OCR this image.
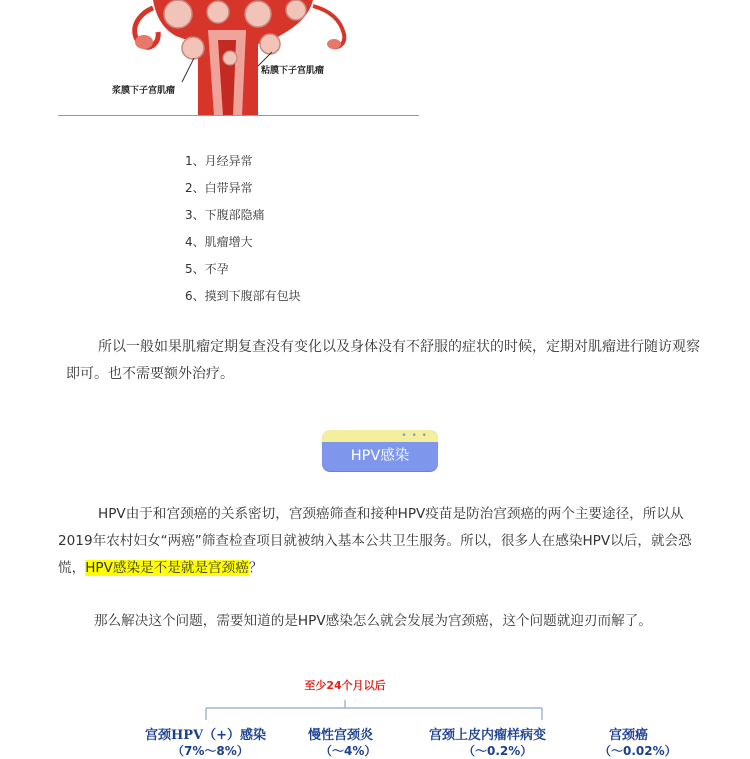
浆膜下子宫肌瘤
粘膜下子宫肌瘤
1、月经异常
2、白带异常
3、下腹部隐痛
4、肌瘤增大
5、不孕
6、摸到下腹部有包块

所以一般如果肌瘤定期复查没有变化以及身体没有不舒服的症状的时候，定期对肌瘤进行随访观察即可。也不需要额外治疗。

• • •
HPV感染

HPV由于和宫颈癌的关系密切，宫颈癌筛查和接种HPV疫苗是防治宫颈癌的两个主要途径，所以从2019年农村妇女“两癌”筛查检查项目就被纳入基本公共卫生服务。所以，很多人在感染HPV以后，就会恐慌，HPV感染是不是就是宫颈癌？

那么解决这个问题，需要知道的是HPV感染怎么就会发展为宫颈癌，这个问题就迎刃而解了。

至少24个月以后
宫颈HPV（+）感染
（7%～8%）
慢性宫颈炎
（～4%）
宫颈上皮内瘤样病变
（～0.2%）
宫颈癌
（～0.02%）
